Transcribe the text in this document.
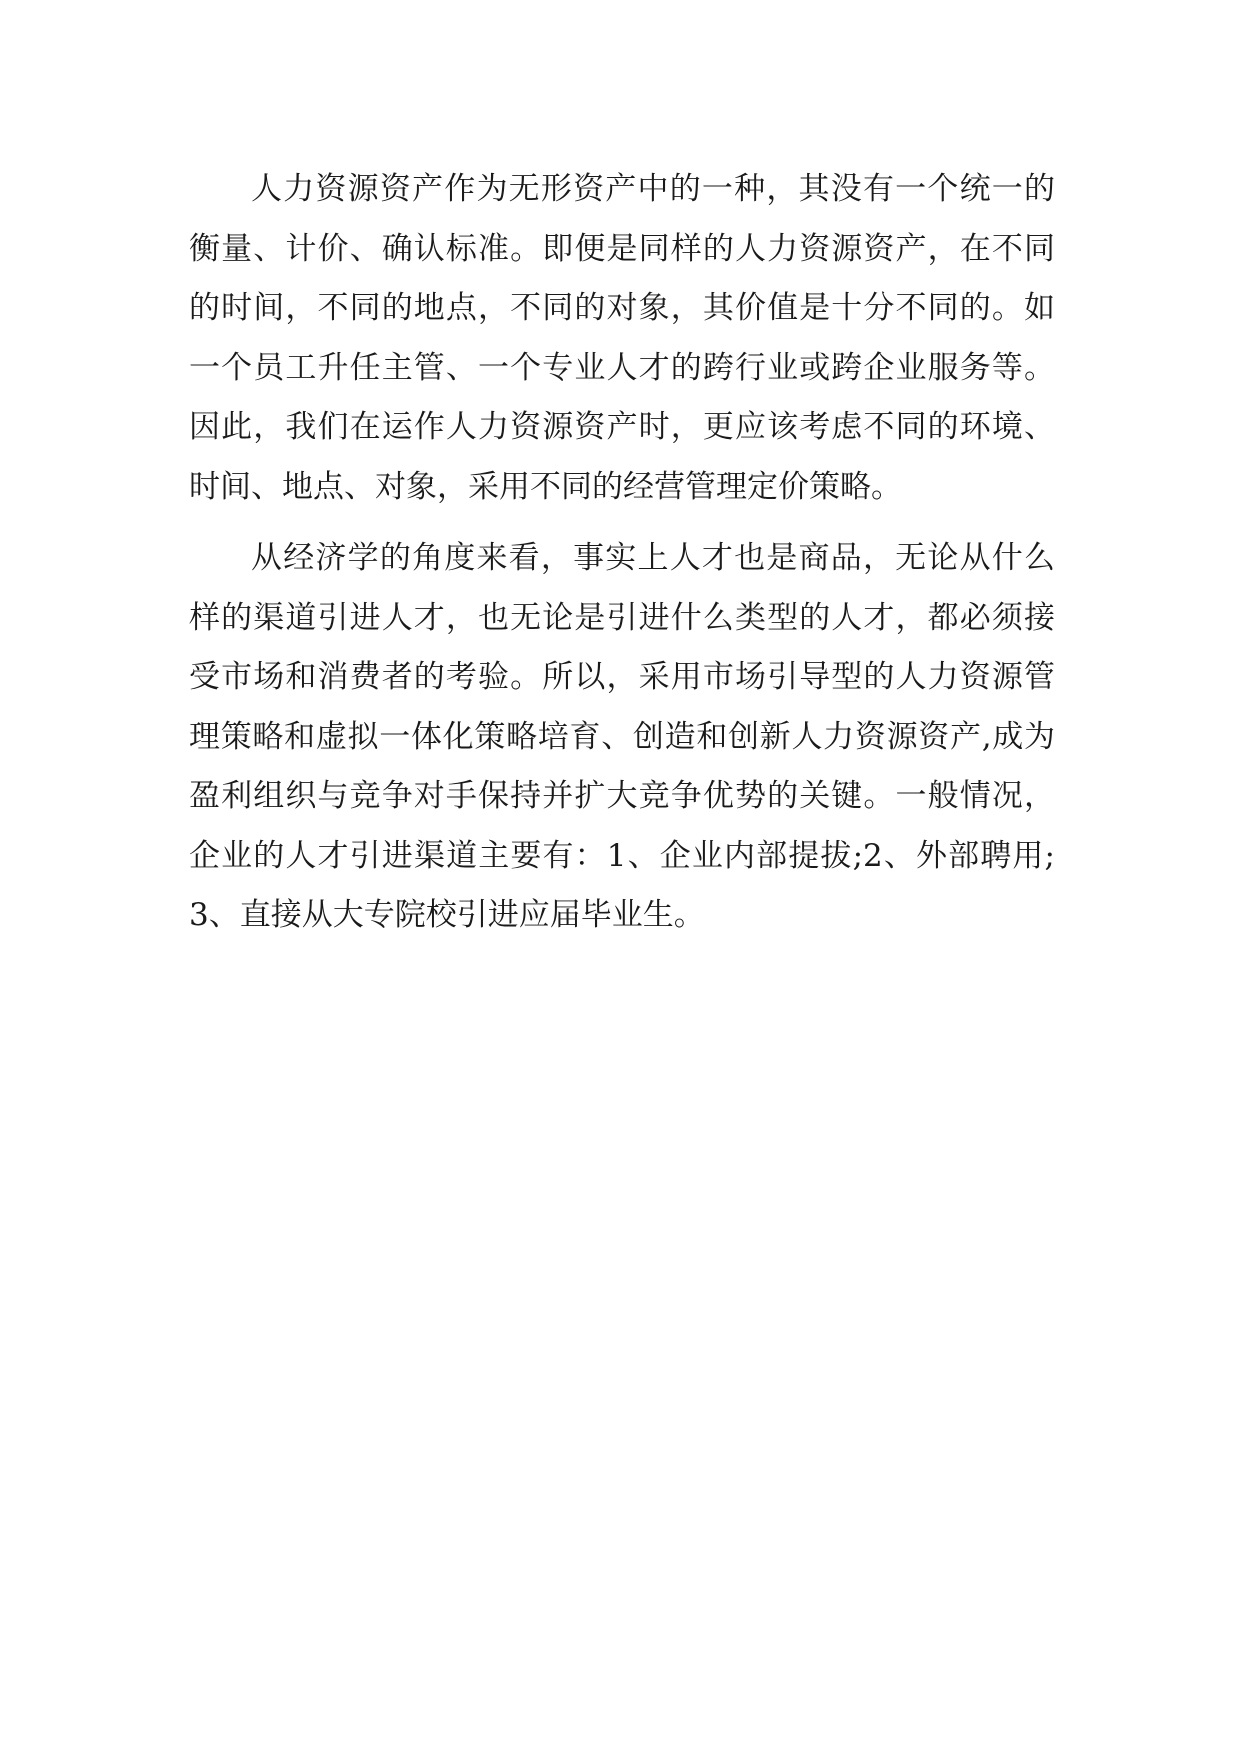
人力资源资产作为无形资产中的一种，其没有一个统一的衡量、计价、确认标准。即便是同样的人力资源资产，在不同的时间，不同的地点，不同的对象，其价值是十分不同的。如一个员工升任主管、一个专业人才的跨行业或跨企业服务等。因此，我们在运作人力资源资产时，更应该考虑不同的环境、时间、地点、对象，采用不同的经营管理定价策略。

从经济学的角度来看，事实上人才也是商品，无论从什么样的渠道引进人才，也无论是引进什么类型的人才，都必须接受市场和消费者的考验。所以，采用市场引导型的人力资源管理策略和虚拟一体化策略培育、创造和创新人力资源资产,成为盈利组织与竞争对手保持并扩大竞争优势的关键。一般情况，企业的人才引进渠道主要有：1、企业内部提拔;2、外部聘用;3、直接从大专院校引进应届毕业生。
